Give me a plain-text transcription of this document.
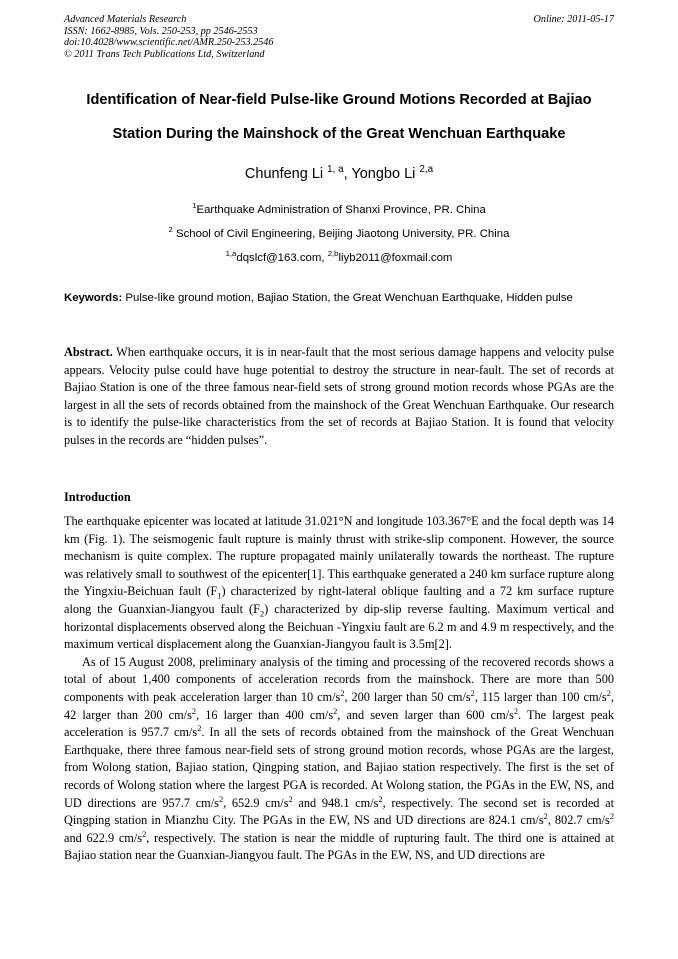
Advanced Materials Research
ISSN: 1662-8985, Vols. 250-253, pp 2546-2553
doi:10.4028/www.scientific.net/AMR.250-253.2546
© 2011 Trans Tech Publications Ltd, Switzerland
Online: 2011-05-17
Identification of Near-field Pulse-like Ground Motions Recorded at Bajiao
Station During the Mainshock of the Great Wenchuan Earthquake
Chunfeng Li $^{1, a}$, Yongbo Li $^{2,a}$
$^1$Earthquake Administration of Shanxi Province, PR. China
$^2$ School of Civil Engineering, Beijing Jiaotong University, PR. China
$^{1,a}$dqslcf@163.com, $^{2,b}$liyb2011@foxmail.com
Keywords: Pulse-like ground motion, Bajiao Station, the Great Wenchuan Earthquake, Hidden pulse

Abstract. When earthquake occurs, it is in near-fault that the most serious damage happens and velocity pulse appears. Velocity pulse could have huge potential to destroy the structure in near-fault. The set of records at Bajiao Station is one of the three famous near-field sets of strong ground motion records whose PGAs are the largest in all the sets of records obtained from the mainshock of the Great Wenchuan Earthquake. Our research is to identify the pulse-like characteristics from the set of records at Bajiao Station. It is found that velocity pulses in the records are “hidden pulses”.

Introduction

The earthquake epicenter was located at latitude 31.021°N and longitude 103.367°E and the focal depth was 14 km (Fig. 1). The seismogenic fault rupture is mainly thrust with strike-slip component. However, the source mechanism is quite complex. The rupture propagated mainly unilaterally towards the northeast. The rupture was relatively small to southwest of the epicenter[1]. This earthquake generated a 240 km surface rupture along the Yingxiu-Beichuan fault $(F_1)$ characterized by right-lateral oblique faulting and a 72 km surface rupture along the Guanxian-Jiangyou fault $(F_2)$ characterized by dip-slip reverse faulting. Maximum vertical and horizontal displacements observed along the Beichuan -Yingxiu fault are 6.2 m and 4.9 m respectively, and the maximum vertical displacement along the Guanxian-Jiangyou fault is 3.5m[2].

As of 15 August 2008, preliminary analysis of the timing and processing of the recovered records shows a total of about 1,400 components of acceleration records from the mainshock. There are more than 500 components with peak acceleration larger than 10 $cm/s^2$, 200 larger than 50 $cm/s^2$, 115 larger than 100 $cm/s^2$, 42 larger than 200 $cm/s^2$, 16 larger than 400 $cm/s^2$, and seven larger than 600 $cm/s^2$. The largest peak acceleration is 957.7 $cm/s^2$. In all the sets of records obtained from the mainshock of the Great Wenchuan Earthquake, there three famous near-field sets of strong ground motion records, whose PGAs are the largest, from Wolong station, Bajiao station, Qingping station, and Bajiao station respectively. The first is the set of records of Wolong station where the largest PGA is recorded. At Wolong station, the PGAs in the EW, NS, and UD directions are 957.7 $cm/s^2$, 652.9 $cm/s^2$ and 948.1 $cm/s^2$, respectively. The second set is recorded at Qingping station in Mianzhu City. The PGAs in the EW, NS and UD directions are 824.1 $cm/s^2$, 802.7 $cm/s^2$ and 622.9 $cm/s^2$, respectively. The station is near the middle of rupturing fault. The third one is attained at Bajiao station near the Guanxian-Jiangyou fault. The PGAs in the EW, NS, and UD directions are
